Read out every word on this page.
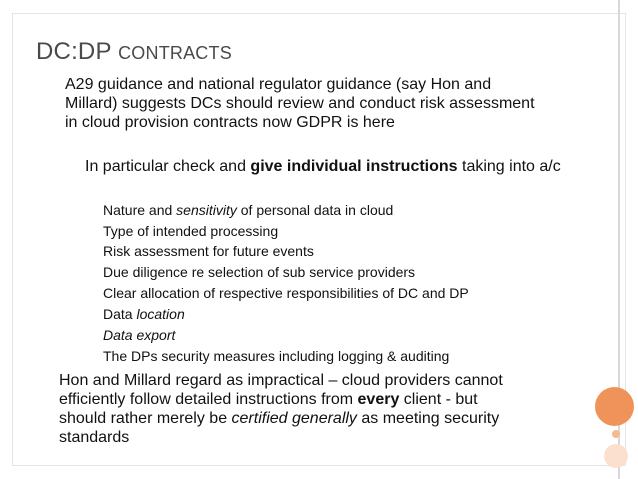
DC:DP CONTRACTS
A29 guidance and national regulator guidance (say Hon and Millard) suggests DCs should review and conduct risk assessment in cloud provision contracts now GDPR is here
In particular check and give individual instructions taking into a/c
Nature and sensitivity of personal data in cloud
Type of intended processing
Risk assessment for future events
Due diligence re selection of sub service providers
Clear allocation of respective responsibilities of DC and DP
Data location
Data export
The DPs security measures including logging & auditing
Hon and Millard regard as impractical – cloud providers cannot efficiently follow detailed instructions from every client - but should rather merely be certified generally as meeting security standards
